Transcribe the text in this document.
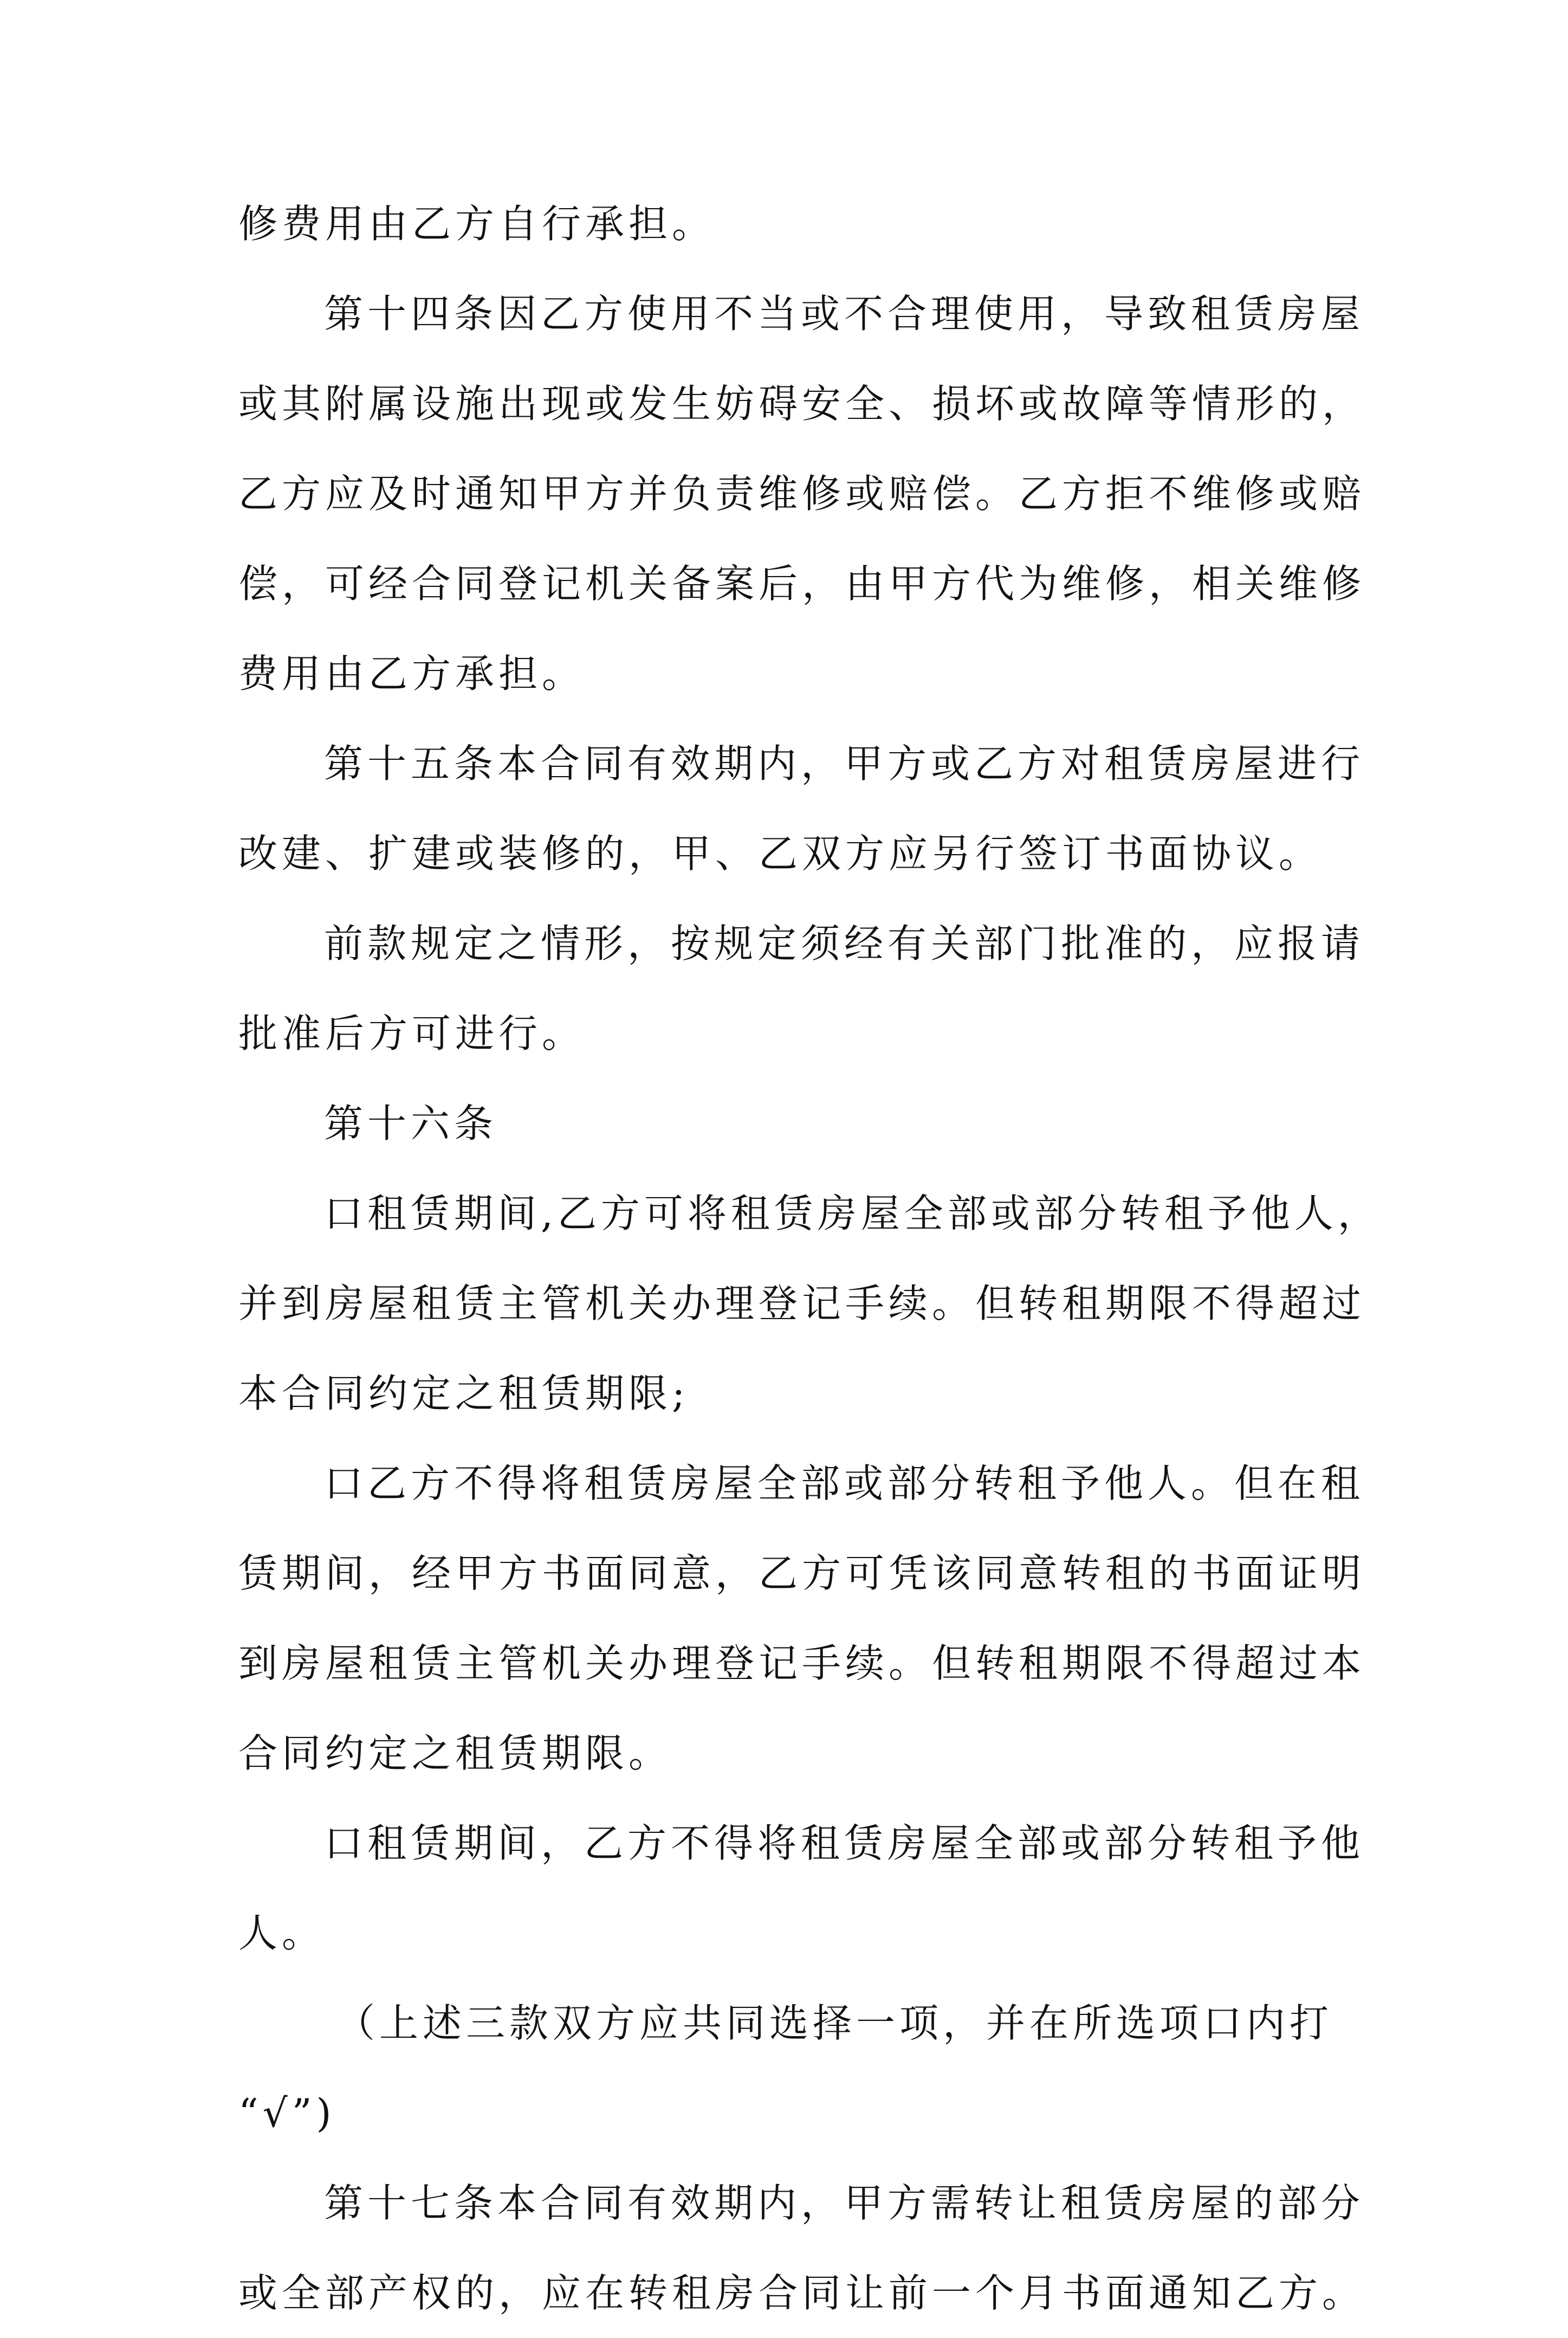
修费用由乙方自行承担。
第十四条因乙方使用不当或不合理使用，导致租赁房屋
或其附属设施出现或发生妨碍安全、损坏或故障等情形的，
乙方应及时通知甲方并负责维修或赔偿。乙方拒不维修或赔
偿，可经合同登记机关备案后，由甲方代为维修，相关维修
费用由乙方承担。
第十五条本合同有效期内，甲方或乙方对租赁房屋进行
改建、扩建或装修的，甲、乙双方应另行签订书面协议。
前款规定之情形，按规定须经有关部门批准的，应报请
批准后方可进行。
第十六条
口租赁期间,乙方可将租赁房屋全部或部分转租予他人，
并到房屋租赁主管机关办理登记手续。但转租期限不得超过
本合同约定之租赁期限;
口乙方不得将租赁房屋全部或部分转租予他人。但在租
赁期间，经甲方书面同意，乙方可凭该同意转租的书面证明
到房屋租赁主管机关办理登记手续。但转租期限不得超过本
合同约定之租赁期限。
口租赁期间，乙方不得将租赁房屋全部或部分转租予他
人。
（上述三款双方应共同选择一项，并在所选项口内打
“√”)
第十七条本合同有效期内，甲方需转让租赁房屋的部分
或全部产权的，应在转租房合同让前一个月书面通知乙方。
